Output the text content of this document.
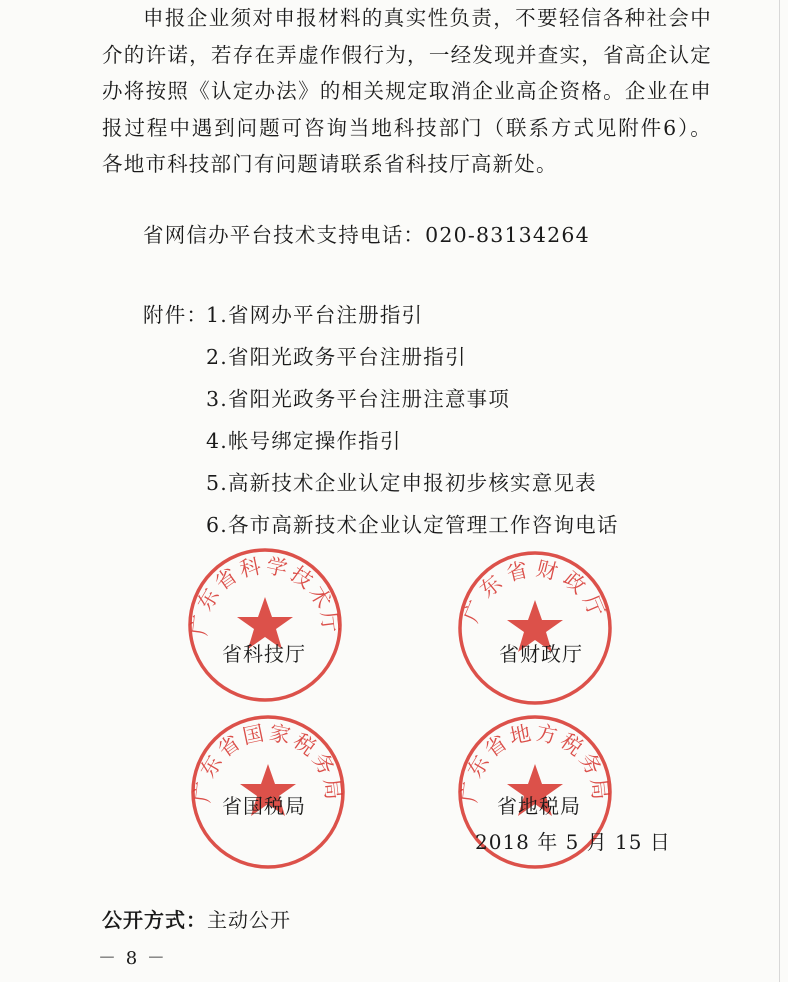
申报企业须对申报材料的真实性负责，不要轻信各种社会中介的许诺，若存在弄虚作假行为，一经发现并查实，省高企认定办将按照《认定办法》的相关规定取消企业高企资格。企业在申报过程中遇到问题可咨询当地科技部门（联系方式见附件6）。各地市科技部门有问题请联系省科技厅高新处。

省网信办平台技术支持电话：020-83134264
附件：
1.省网办平台注册指引
2.省阳光政务平台注册指引
3.省阳光政务平台注册注意事项
4.帐号绑定操作指引
5.高新技术企业认定申报初步核实意见表
6.各市高新技术企业认定管理工作咨询电话
广东省科学技术厅
省科技厅
广东省财政厅
省财政厅
广东省国家税务局
省国税局
广东省地方税务局
省地税局
2018 年 5 月 15 日
公开方式：主动公开
－ 8 －
